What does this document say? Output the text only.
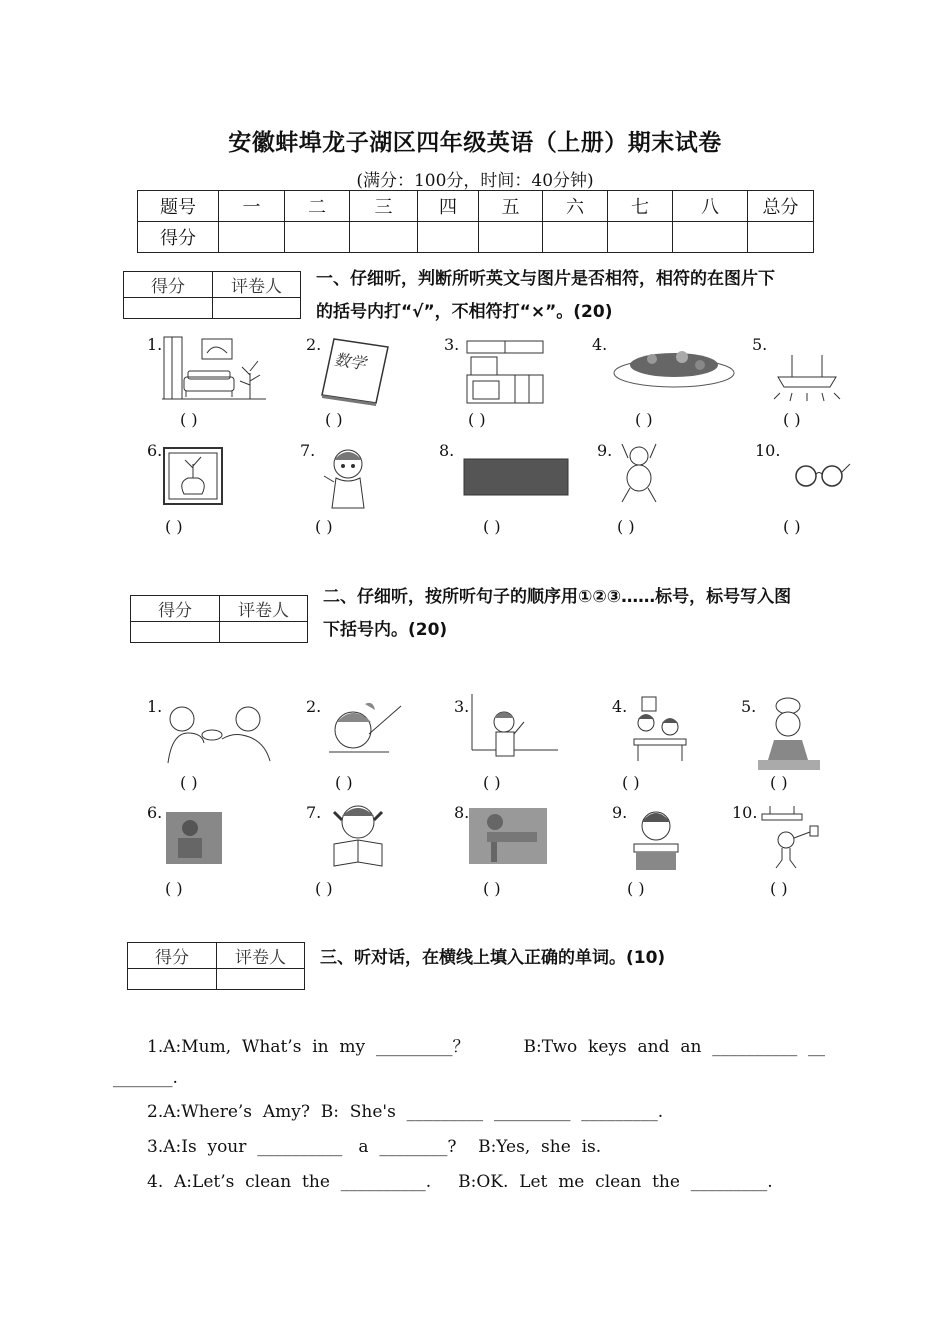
安徽蚌埠龙子湖区四年级英语（上册）期末试卷
(满分：100分，时间：40分钟)
题号	一	二	三	四	五	六	七	八	总分
得分									
得分	评卷人
	一、仔细听，判断所听英文与图片是否相符，相符的在图片下
的括号内打“√”，不相符打“×”。(20)
1.
( )
2.
数学
( )
3.
( )
4.
( )
5.
( )
6.
( )
7.
( )
8.
( )
9.
( )
10.
( )
得分	评卷人

二、仔细听，按所听句子的顺序用①②③……标号，标号写入图
下括号内。(20)
1.
( )
2.
( )
3.
( )
4.
( )
5.
( )
6.
( )
7.
( )
8.
( )
9.
( )
10.
( )
得分	评卷人
	三、听对话，在横线上填入正确的单词。(10)
1.A:Mum,  What’s  in  my  _________？          B:Two  keys  and  an  __________  __
_______.
2.A:Where’s  Amy?  B:  She's  _________  _________  _________.
3.A:Is  your  __________   a  ________?    B:Yes,  she  is.
4.  A:Let’s  clean  the  __________.     B:OK.  Let  me  clean  the  _________.
